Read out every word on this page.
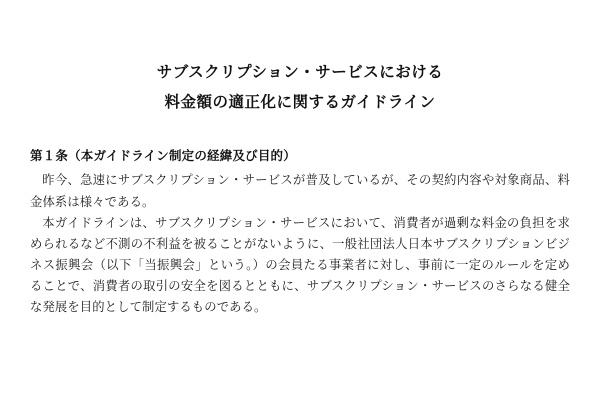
サブスクリプション・サービスにおける
料金額の適正化に関するガイドライン
第１条（本ガイドライン制定の経緯及び目的）

昨今、急速にサブスクリプション・サービスが普及しているが、その契約内容や対象商品、料金体系は様々である。

本ガイドラインは、サブスクリプション・サービスにおいて、消費者が過剰な料金の負担を求められるなど不測の不利益を被ることがないように、一般社団法人日本サブスクリプションビジネス振興会（以下「当振興会」という。）の会員たる事業者に対し、事前に一定のルールを定めることで、消費者の取引の安全を図るとともに、サブスクリプション・サービスのさらなる健全な発展を目的として制定するものである。
